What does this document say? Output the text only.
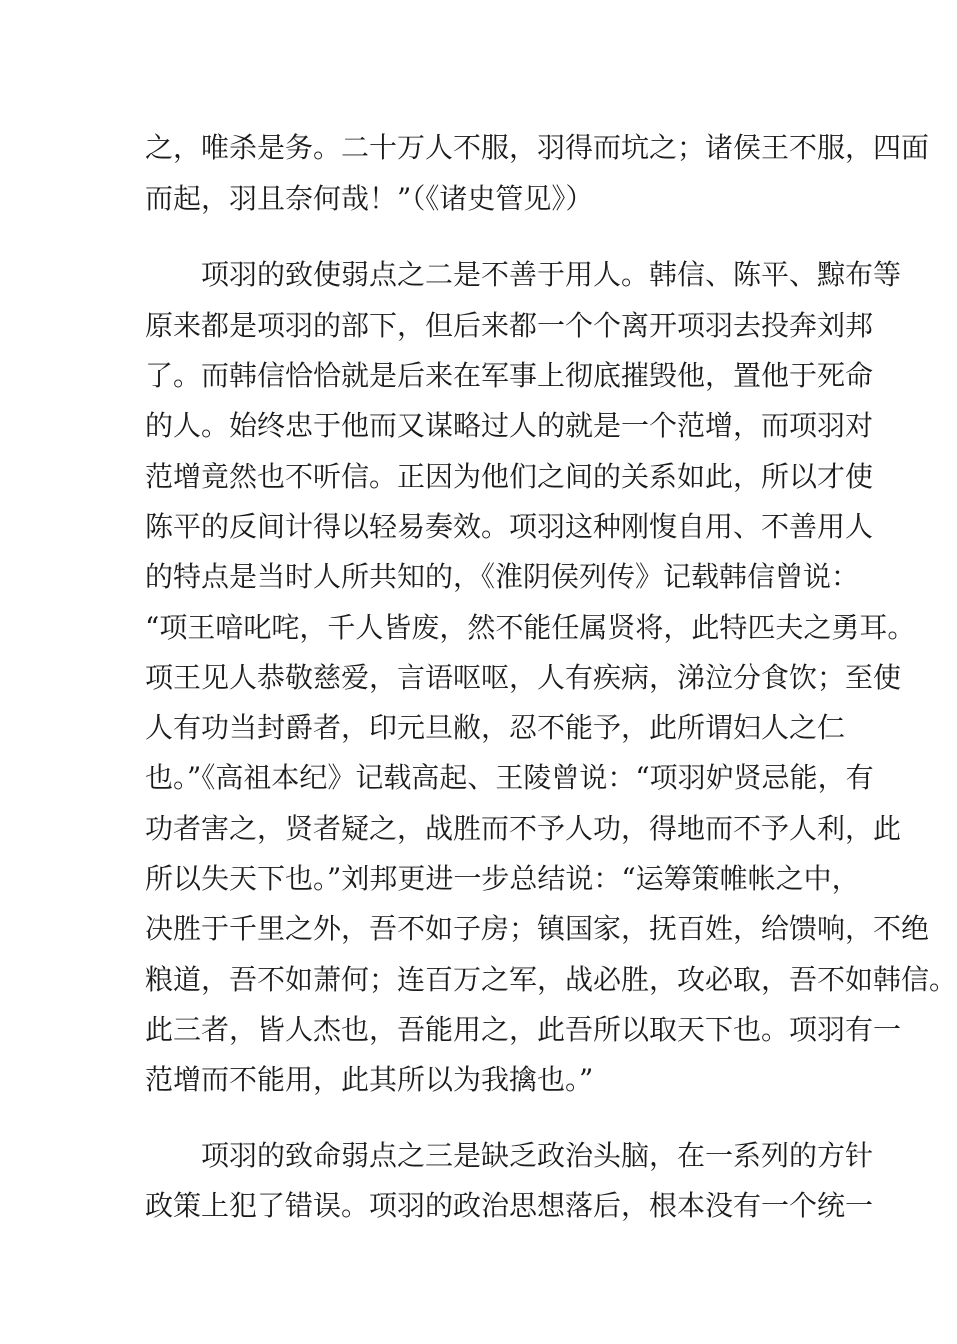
之，唯杀是务。二十万人不服，羽得而坑之；诸侯王不服，四面
而起，羽且奈何哉！”（《诸史管见》）
项羽的致使弱点之二是不善于用人。韩信、陈平、黥布等
原来都是项羽的部下，但后来都一个个离开项羽去投奔刘邦
了。而韩信恰恰就是后来在军事上彻底摧毁他，置他于死命
的人。始终忠于他而又谋略过人的就是一个范增，而项羽对
范增竟然也不听信。正因为他们之间的关系如此，所以才使
陈平的反间计得以轻易奏效。项羽这种刚愎自用、不善用人
的特点是当时人所共知的，《淮阴侯列传》记载韩信曾说：
“项王喑叱咤，千人皆废，然不能任属贤将，此特匹夫之勇耳。
项王见人恭敬慈爱，言语呕呕，人有疾病，涕泣分食饮；至使
人有功当封爵者，印元旦敝，忍不能予，此所谓妇人之仁
也。”《高祖本纪》记载高起、王陵曾说：“项羽妒贤忌能，有
功者害之，贤者疑之，战胜而不予人功，得地而不予人利，此
所以失天下也。”刘邦更进一步总结说：“运筹策帷帐之中，
决胜于千里之外，吾不如子房；镇国家，抚百姓，给馈响，不绝
粮道，吾不如萧何；连百万之军，战必胜，攻必取，吾不如韩信。
此三者，皆人杰也，吾能用之，此吾所以取天下也。项羽有一
范增而不能用，此其所以为我擒也。”
项羽的致命弱点之三是缺乏政治头脑，在一系列的方针
政策上犯了错误。项羽的政治思想落后，根本没有一个统一
